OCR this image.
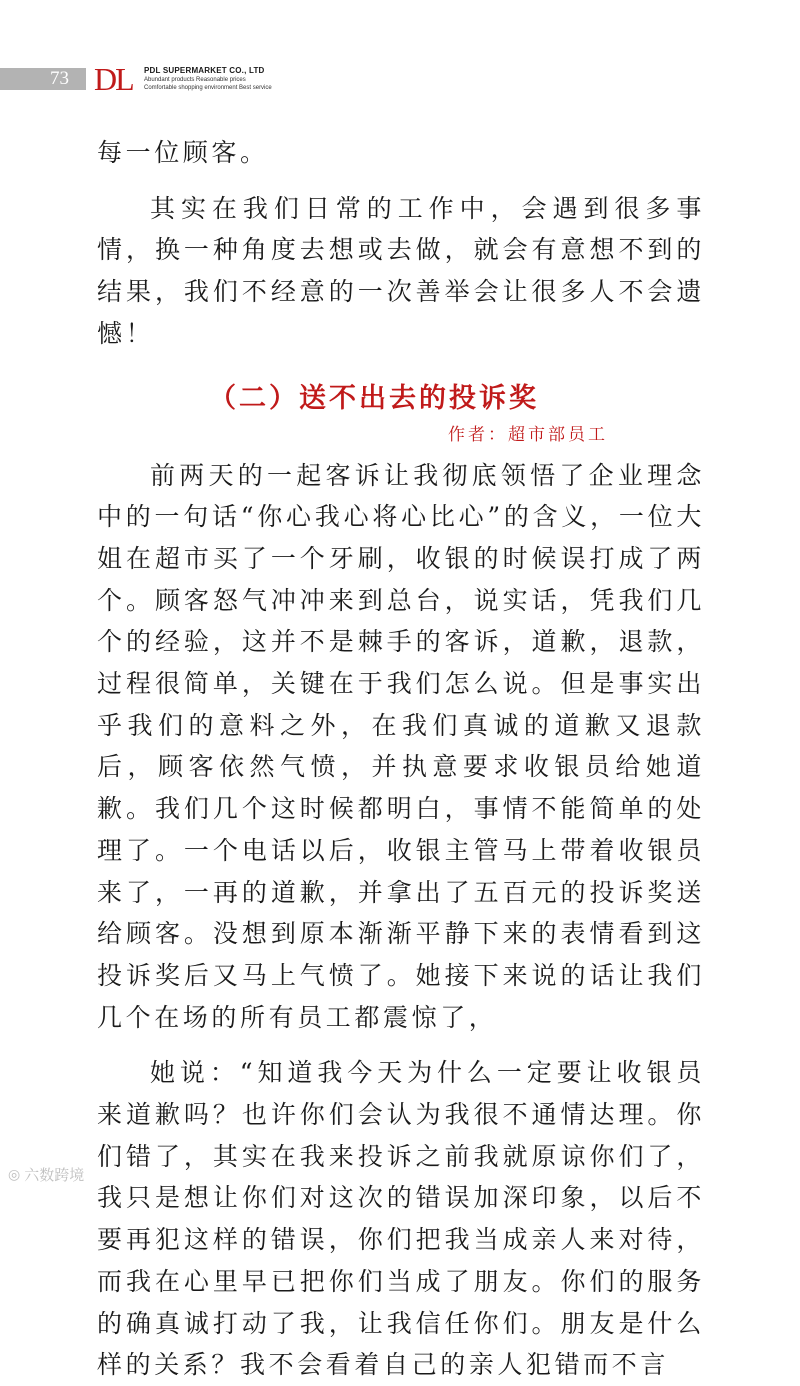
73 DL	PDL SUPERMARKET CO., LTD
Abundant products Reasonable prices
Comfortable shopping environment Best service

每一位顾客。

其实在我们日常的工作中，会遇到很多事情，换一种角度去想或去做，就会有意想不到的结果，我们不经意的一次善举会让很多人不会遗憾！

（二）送不出去的投诉奖

作者：超市部员工

前两天的一起客诉让我彻底领悟了企业理念中的一句话“你心我心将心比心”的含义，一位大姐在超市买了一个牙刷，收银的时候误打成了两个。顾客怒气冲冲来到总台，说实话，凭我们几个的经验，这并不是棘手的客诉，道歉，退款，过程很简单，关键在于我们怎么说。但是事实出乎我们的意料之外，在我们真诚的道歉又退款后，顾客依然气愤，并执意要求收银员给她道歉。我们几个这时候都明白，事情不能简单的处理了。一个电话以后，收银主管马上带着收银员来了，一再的道歉，并拿出了五百元的投诉奖送给顾客。没想到原本渐渐平静下来的表情看到这投诉奖后又马上气愤了。她接下来说的话让我们几个在场的所有员工都震惊了，

她说：“知道我今天为什么一定要让收银员来道歉吗？也许你们会认为我很不通情达理。你们错了，其实在我来投诉之前我就原谅你们了，我只是想让你们对这次的错误加深印象，以后不要再犯这样的错误，你们把我当成亲人来对待，而我在心里早已把你们当成了朋友。你们的服务的确真诚打动了我，让我信任你们。朋友是什么样的关系？我不会看着自己的亲人犯错而不言

◎ 六数跨境
